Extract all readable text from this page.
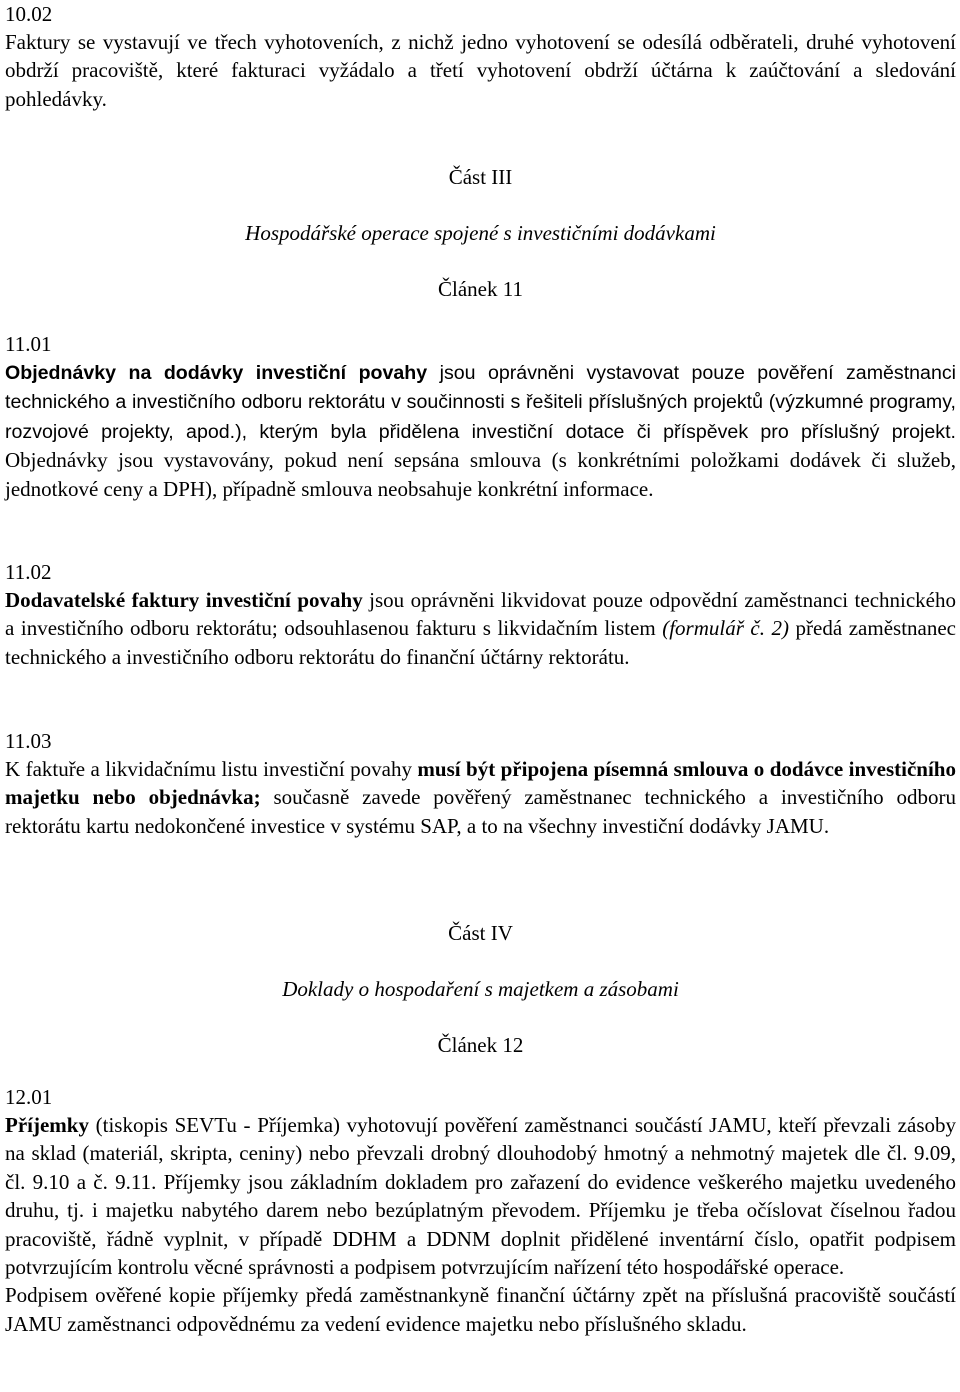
10.02

Faktury se vystavují ve třech vyhotoveních, z nichž jedno vyhotovení se odesílá odběrateli, druhé vyhotovení obdrží pracoviště, které fakturaci vyžádalo a třetí vyhotovení obdrží účtárna k zaúčtování a sledování pohledávky.

Část III
Hospodářské operace spojené s investičními dodávkami
Článek 11
11.01

Objednávky na dodávky investiční povahy jsou oprávněni vystavovat pouze pověření zaměstnanci technického a investičního odboru rektorátu v součinnosti s řešiteli příslušných projektů (výzkumné programy, rozvojové projekty, apod.), kterým byla přidělena investiční dotace či příspěvek pro příslušný projekt. Objednávky jsou vystavovány, pokud není sepsána smlouva (s konkrétními položkami dodávek či služeb, jednotkové ceny a DPH), případně smlouva neobsahuje konkrétní informace.

11.02

Dodavatelské faktury investiční povahy jsou oprávněni likvidovat pouze odpovědní zaměstnanci technického a investičního odboru rektorátu; odsouhlasenou fakturu s likvidačním listem (formulář č. 2) předá zaměstnanec technického a investičního odboru rektorátu do finanční účtárny rektorátu.

11.03

K faktuře a likvidačnímu listu investiční povahy musí být připojena písemná smlouva o dodávce investičního majetku nebo objednávka; současně zavede pověřený zaměstnanec technického a investičního odboru rektorátu kartu nedokončené investice v systému SAP, a to na všechny investiční dodávky JAMU.

Část IV
Doklady o hospodaření s majetkem a zásobami
Článek 12
12.01

Příjemky (tiskopis SEVTu - Příjemka) vyhotovují pověření zaměstnanci součástí JAMU, kteří převzali zásoby na sklad (materiál, skripta, ceniny) nebo převzali drobný dlouhodobý hmotný a nehmotný majetek dle čl. 9.09, čl. 9.10 a č. 9.11. Příjemky jsou základním dokladem pro zařazení do evidence veškerého majetku uvedeného druhu, tj. i majetku nabytého darem nebo bezúplatným převodem. Příjemku je třeba očíslovat číselnou řadou pracoviště, řádně vyplnit, v případě DDHM a DDNM doplnit přidělené inventární číslo, opatřit podpisem potvrzujícím kontrolu věcné správnosti a podpisem potvrzujícím nařízení této hospodářské operace.

Podpisem ověřené kopie příjemky předá zaměstnankyně finanční účtárny zpět na příslušná pracoviště součástí JAMU zaměstnanci odpovědnému za vedení evidence majetku nebo příslušného skladu.
